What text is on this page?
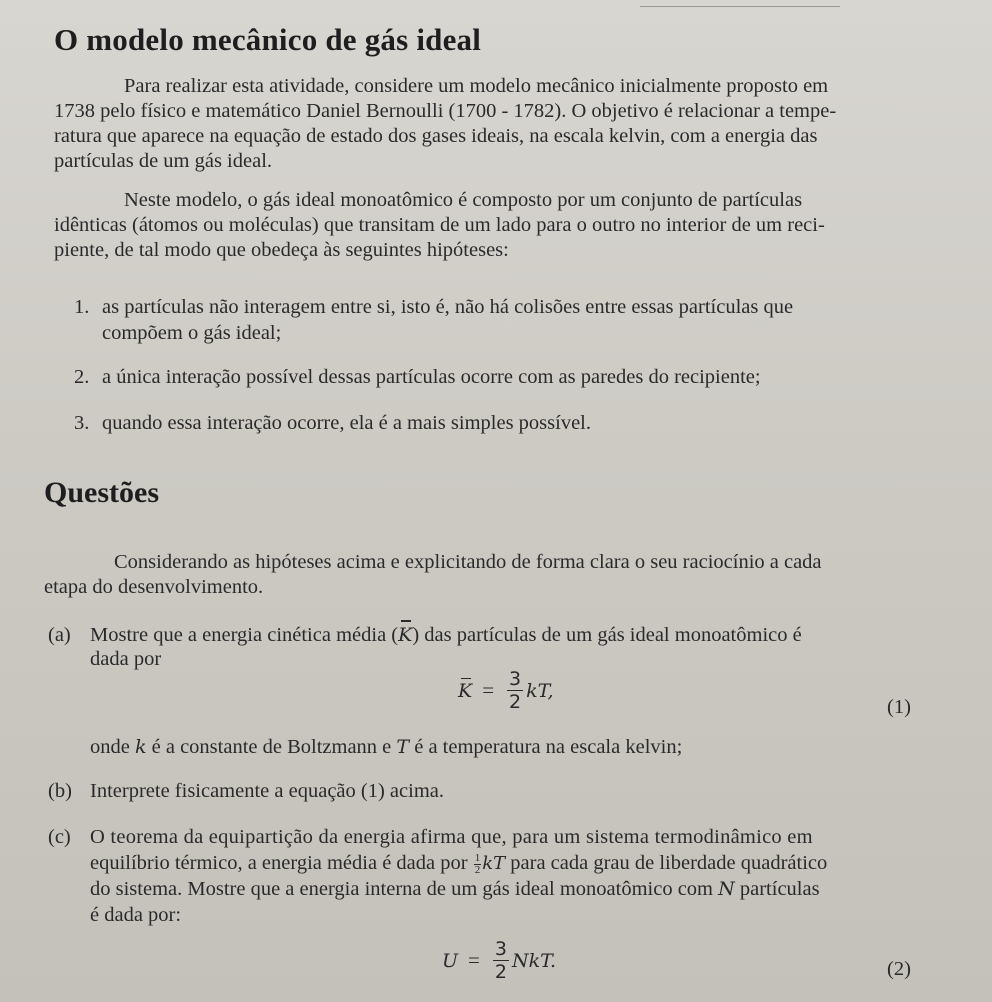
O modelo mecânico de gás ideal
Para realizar esta atividade, considere um modelo mecânico inicialmente proposto em
1738 pelo físico e matemático Daniel Bernoulli (1700 - 1782). O objetivo é relacionar a tempe-
ratura que aparece na equação de estado dos gases ideais, na escala kelvin, com a energia das
partículas de um gás ideal.
Neste modelo, o gás ideal monoatômico é composto por um conjunto de partículas
idênticas (átomos ou moléculas) que transitam de um lado para o outro no interior de um reci-
piente, de tal modo que obedeça às seguintes hipóteses:
1. as partículas não interagem entre si, isto é, não há colisões entre essas partículas que
compõem o gás ideal;
2. a única interação possível dessas partículas ocorre com as paredes do recipiente;
3. quando essa interação ocorre, ela é a mais simples possível.
Questões
Considerando as hipóteses acima e explicitando de forma clara o seu raciocínio a cada
etapa do desenvolvimento.
(a) Mostre que a energia cinética média (K) das partículas de um gás ideal monoatômico é
dada por
$K = \frac{3}{2}$ kT,
(1)
onde k é a constante de Boltzmann e T é a temperatura na escala kelvin;
(b) Interprete fisicamente a equação (1) acima.
(c) O teorema da equipartição da energia afirma que, para um sistema termodinâmico em
equilíbrio térmico, a energia média é dada por $\frac{1}{2}$ kT para cada grau de liberdade quadrático
do sistema. Mostre que a energia interna de um gás ideal monoatômico com N partículas
é dada por:
$U = \frac{3}{2}$ NkT.	(2)
